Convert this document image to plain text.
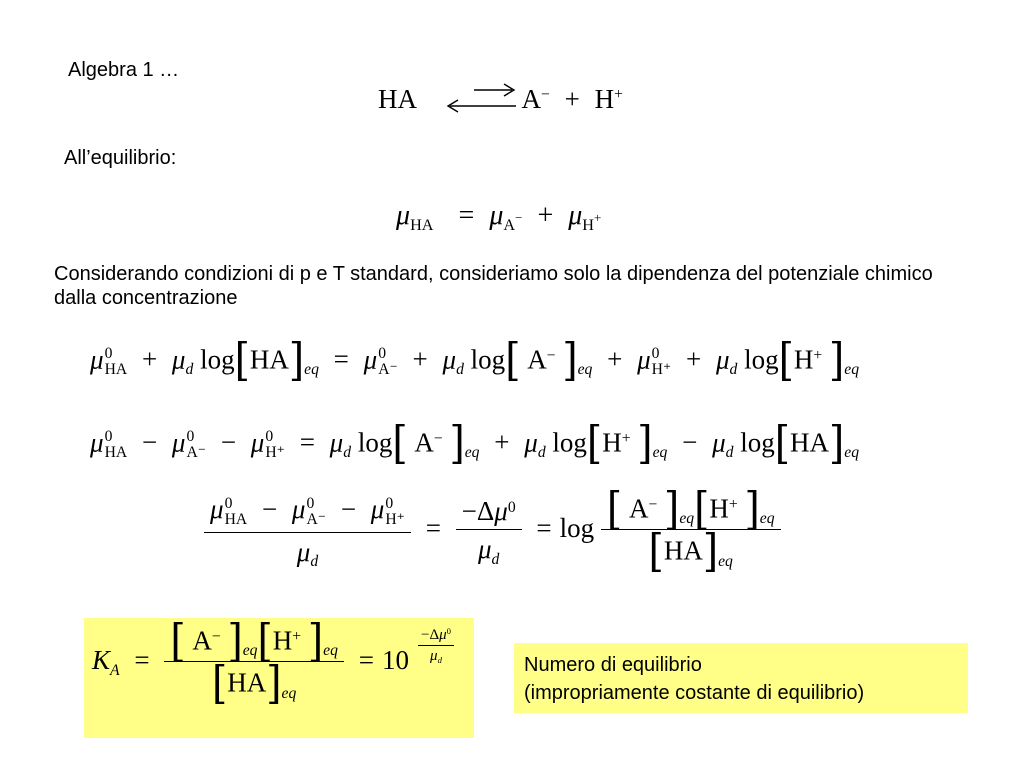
Algebra 1 …
HA ⇌ A− + H+
All’equilibrio:
$\mu_{HA} = \mu_{A^-} + \mu_{H^+}$
Considerando condizioni di p e T standard, consideriamo solo la dipendenza del potenziale chimico dalla concentrazione
μ 0
HA + $\mu_d$ $\log[HA]_{eq} = \mu$ 0
$A^- + \mu_d$ log[ A− ]$_{eq} + \mu$ 0
$H^+ + \mu_d$ log[H+ ]$_{eq}$
μ 0
HA − μ 0
A⁻ − μ 0
$H^+ = \mu_d$ log[ A− ]$_{eq} + \mu_d$ log[H+ ]$_{eq} - \mu_d$ $\log[HA]_{eq}$
μ 0
HA − μ 0
A⁻ − μ 0
H⁺
$\mu_d = \frac{-\Delta\mu^0}{\mu_d} = \log \frac{[ A^- ]_{eq}[H^+ ]_{eq}}{[HA]_{eq}}$
$K_A = \frac{[ A^- ]_{eq}[H^+ ]_{eq}}{[HA]_{eq}} = 10 \frac{-\Delta\mu^0}{\mu_d}$
Numero di equilibrio
(impropriamente costante di equilibrio)
